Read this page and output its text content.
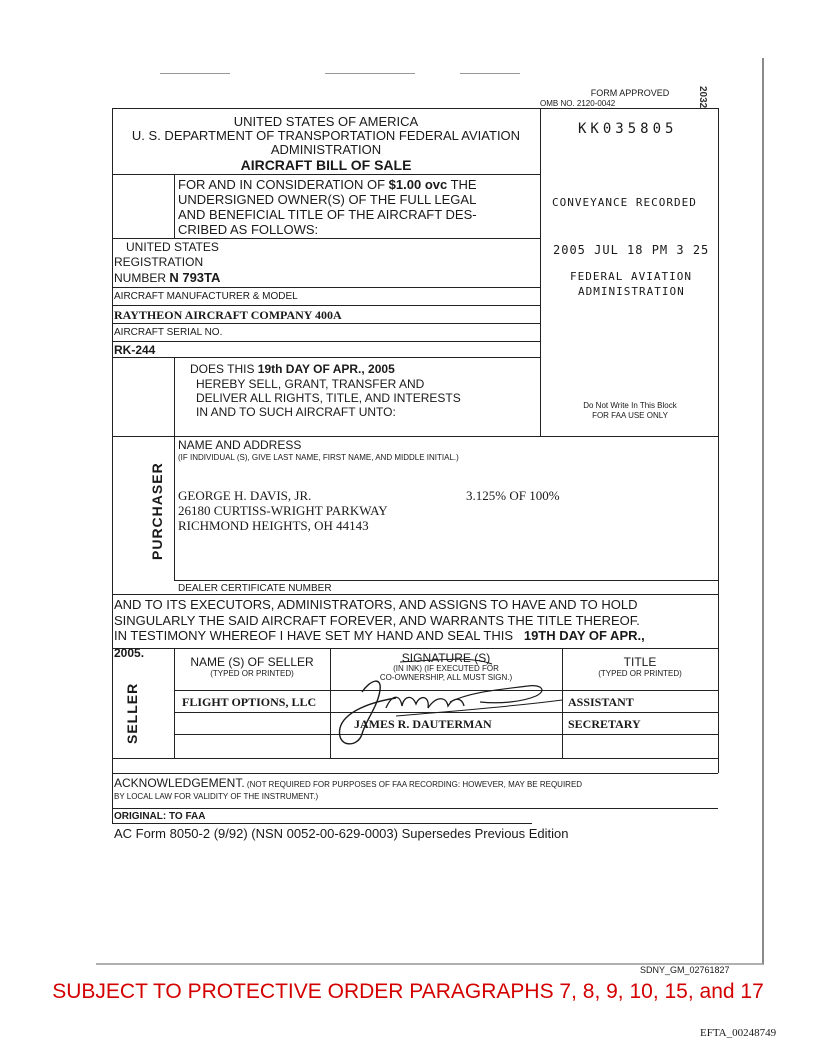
FORM APPROVED
OMB NO. 2120-0042	2032
UNITED STATES OF AMERICA
U. S. DEPARTMENT OF TRANSPORTATION FEDERAL AVIATION
ADMINISTRATION
AIRCRAFT BILL OF SALE
KK035805
FOR AND IN CONSIDERATION OF $1.00 ovc THE
UNDERSIGNED OWNER(S) OF THE FULL LEGAL
AND BENEFICIAL TITLE OF THE AIRCRAFT DES-
CRIBED AS FOLLOWS:
CONVEYANCE RECORDED
2005 JUL 18 PM 3 25
FEDERAL AVIATION
ADMINISTRATION
UNITED STATES
REGISTRATION
NUMBER N 793TA
AIRCRAFT MANUFACTURER & MODEL
RAYTHEON AIRCRAFT COMPANY 400A
AIRCRAFT SERIAL NO.
RK-244
DOES THIS 19th DAY OF APR., 2005
HEREBY SELL, GRANT, TRANSFER AND
DELIVER ALL RIGHTS, TITLE, AND INTERESTS
IN AND TO SUCH AIRCRAFT UNTO:	Do Not Write In This Block
FOR FAA USE ONLY
PURCHASER
NAME AND ADDRESS
(IF INDIVIDUAL (S), GIVE LAST NAME, FIRST NAME, AND MIDDLE INITIAL.)
GEORGE H. DAVIS, JR.
26180 CURTISS-WRIGHT PARKWAY
RICHMOND HEIGHTS, OH 44143
3.125% OF 100%
DEALER CERTIFICATE NUMBER
AND TO ITS EXECUTORS, ADMINISTRATORS, AND ASSIGNS TO HAVE AND TO HOLD
SINGULARLY THE SAID AIRCRAFT FOREVER, AND WARRANTS THE TITLE THEREOF.
IN TESTIMONY WHEREOF I HAVE SET MY HAND AND SEAL THIS 19TH DAY OF APR.,
2005.
SELLER
NAME (S) OF SELLER
(TYPED OR PRINTED)
SIGNATURE (S)
(IN INK) (IF EXECUTED FOR
CO-OWNERSHIP, ALL MUST SIGN.)
TITLE
(TYPED OR PRINTED)
FLIGHT OPTIONS, LLC
JAMES R. DAUTERMAN
ASSISTANT
SECRETARY
ACKNOWLEDGEMENT. (NOT REQUIRED FOR PURPOSES OF FAA RECORDING: HOWEVER, MAY BE REQUIRED
BY LOCAL LAW FOR VALIDITY OF THE INSTRUMENT.)
ORIGINAL: TO FAA
AC Form 8050-2 (9/92) (NSN 0052-00-629-0003) Supersedes Previous Edition
SDNY_GM_02761827
SUBJECT TO PROTECTIVE ORDER PARAGRAPHS 7, 8, 9, 10, 15, and 17
EFTA_00248749
